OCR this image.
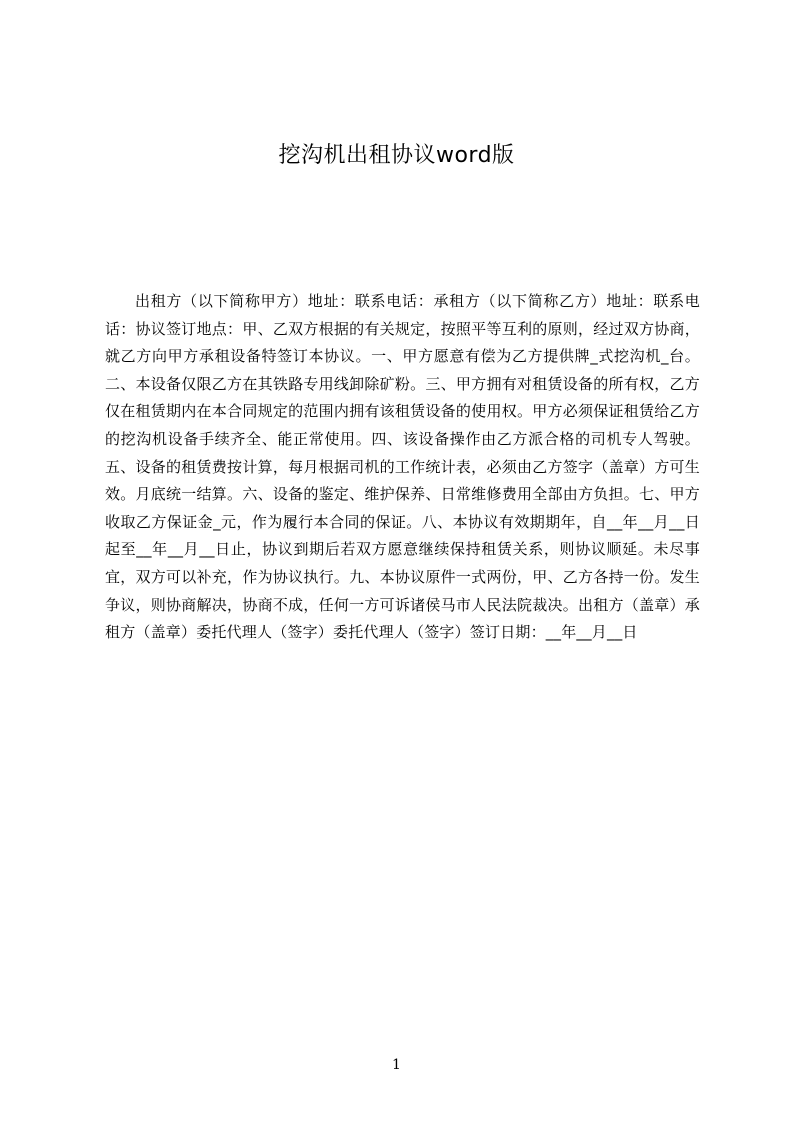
挖沟机出租协议word版

出租方（以下简称甲方）地址：联系电话：承租方（以下简称乙方）地址：联系电话：协议签订地点：甲、乙双方根据的有关规定，按照平等互利的原则，经过双方协商，就乙方向甲方承租设备特签订本协议。一、甲方愿意有偿为乙方提供牌_式挖沟机_台。二、本设备仅限乙方在其铁路专用线卸除矿粉。三、甲方拥有对租赁设备的所有权，乙方仅在租赁期内在本合同规定的范围内拥有该租赁设备的使用权。甲方必须保证租赁给乙方的挖沟机设备手续齐全、能正常使用。四、该设备操作由乙方派合格的司机专人驾驶。五、设备的租赁费按计算，每月根据司机的工作统计表，必须由乙方签字（盖章）方可生效。月底统一结算。六、设备的鉴定、维护保养、日常维修费用全部由方负担。七、甲方收取乙方保证金_元，作为履行本合同的保证。八、本协议有效期期年，自__年__月__日起至__年__月__日止，协议到期后若双方愿意继续保持租赁关系，则协议顺延。未尽事宜，双方可以补充，作为协议执行。九、本协议原件一式两份，甲、乙方各持一份。发生争议，则协商解决，协商不成，任何一方可诉诸侯马市人民法院裁决。出租方（盖章）承租方（盖章）委托代理人（签字）委托代理人（签字）签订日期：__年__月__日

1
